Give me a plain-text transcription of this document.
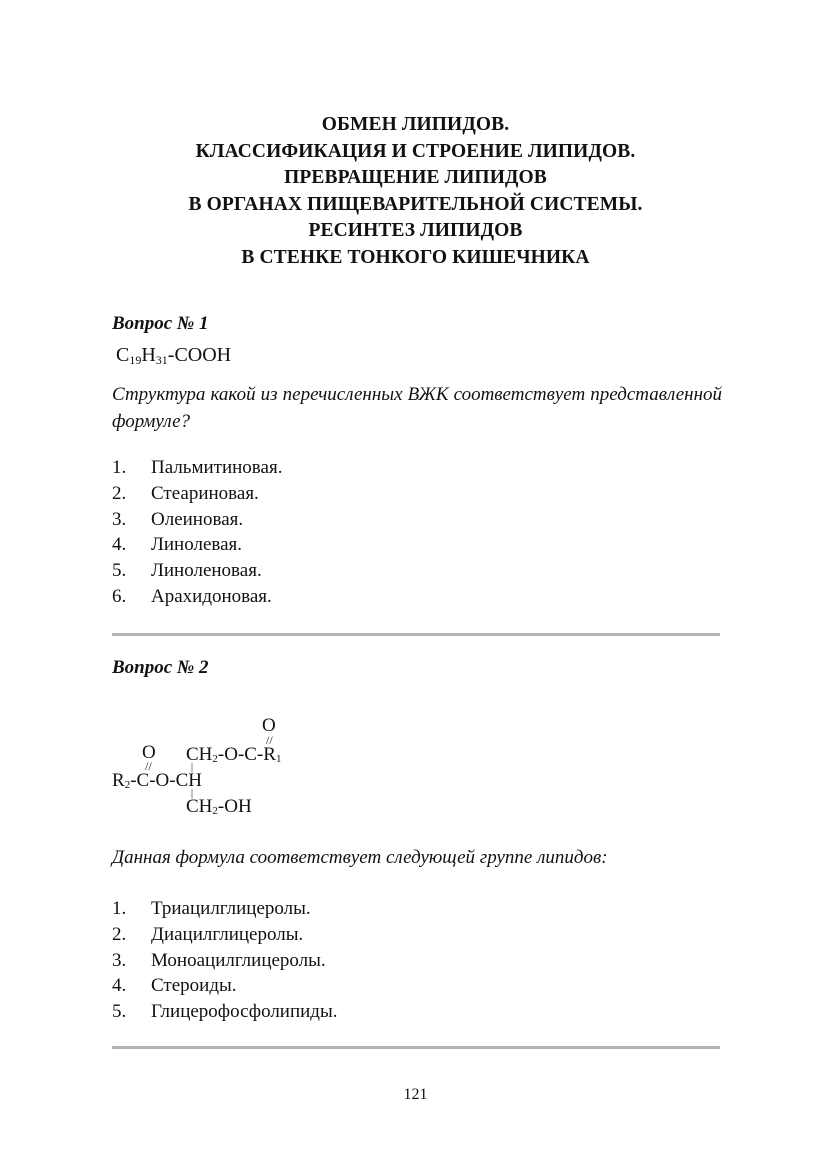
ОБМЕН ЛИПИДОВ.
КЛАССИФИКАЦИЯ И СТРОЕНИЕ ЛИПИДОВ.
ПРЕВРАЩЕНИЕ ЛИПИДОВ
В ОРГАНАХ ПИЩЕВАРИТЕЛЬНОЙ СИСТЕМЫ.
РЕСИНТЕЗ ЛИПИДОВ
В СТЕНКЕ ТОНКОГО КИШЕЧНИКА
Вопрос № 1
$C_{19}H_{31}$-COOH
Структура какой из перечисленных ВЖК соответствует представленной формуле?
1. Пальмитиновая.
2. Стеариновая.
3. Олеиновая.
4. Линолевая.
5. Линоленовая.
6. Арахидоновая.
Вопрос № 2
O
//
O
//
$CH_2-O-C-R_1$
|
$R_2-C-O-CH$
|
$CH_2-OH$
Данная формула соответствует следующей группе липидов:
1. Триацилглицеролы.
2. Диацилглицеролы.
3. Моноацилглицеролы.
4. Стероиды.
5. Глицерофосфолипиды.
121
